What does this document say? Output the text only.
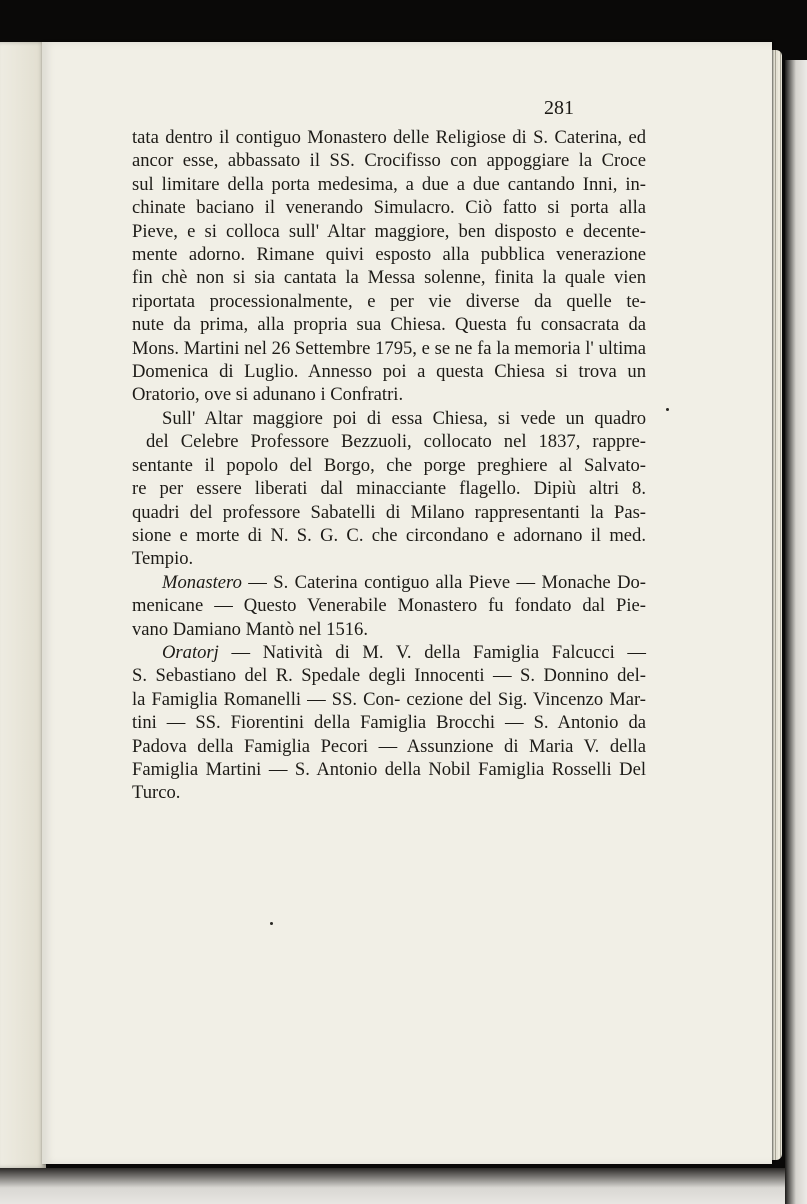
281
tata dentro il contiguo Monastero delle Religiose di S. Caterina, ed
ancor esse, abbassato il SS. Crocifisso con appoggiare la Croce
sul limitare della porta medesima, a due a due cantando Inni, in-
chinate baciano il venerando Simulacro. Ciò fatto si porta alla
Pieve, e si colloca sull' Altar maggiore, ben disposto e decente-
mente adorno. Rimane quivi esposto alla pubblica venerazione
fin chè non si sia cantata la Messa solenne, finita la quale vien
riportata processionalmente, e per vie diverse da quelle te-
nute da prima, alla propria sua Chiesa. Questa fu consacrata da
Mons. Martini nel 26 Settembre 1795, e se ne fa la memoria l' ultima
Domenica di Luglio. Annesso poi a questa Chiesa si trova un
Oratorio, ove si adunano i Confratri.
Sull' Altar maggiore poi di essa Chiesa, si vede un quadro
del Celebre Professore Bezzuoli, collocato nel 1837, rappre-
sentante il popolo del Borgo, che porge preghiere al Salvato-
re per essere liberati dal minacciante flagello. Dipiù altri 8.
quadri del professore Sabatelli di Milano rappresentanti la Pas-
sione e morte di N. S. G. C. che circondano e adornano il med.
Tempio.
Monastero — S. Caterina contiguo alla Pieve — Monache Do-
menicane — Questo Venerabile Monastero fu fondato dal Pie-
vano Damiano Mantò nel 1516.
Oratorj — Natività di M. V. della Famiglia Falcucci —
S. Sebastiano del R. Spedale degli Innocenti — S. Donnino del-
la Famiglia Romanelli — SS. Con- cezione del Sig. Vincenzo Mar-
tini — SS. Fiorentini della Famiglia Brocchi — S. Antonio da
Padova della Famiglia Pecori — Assunzione di Maria V. della
Famiglia Martini — S. Antonio della Nobil Famiglia Rosselli Del
Turco.
